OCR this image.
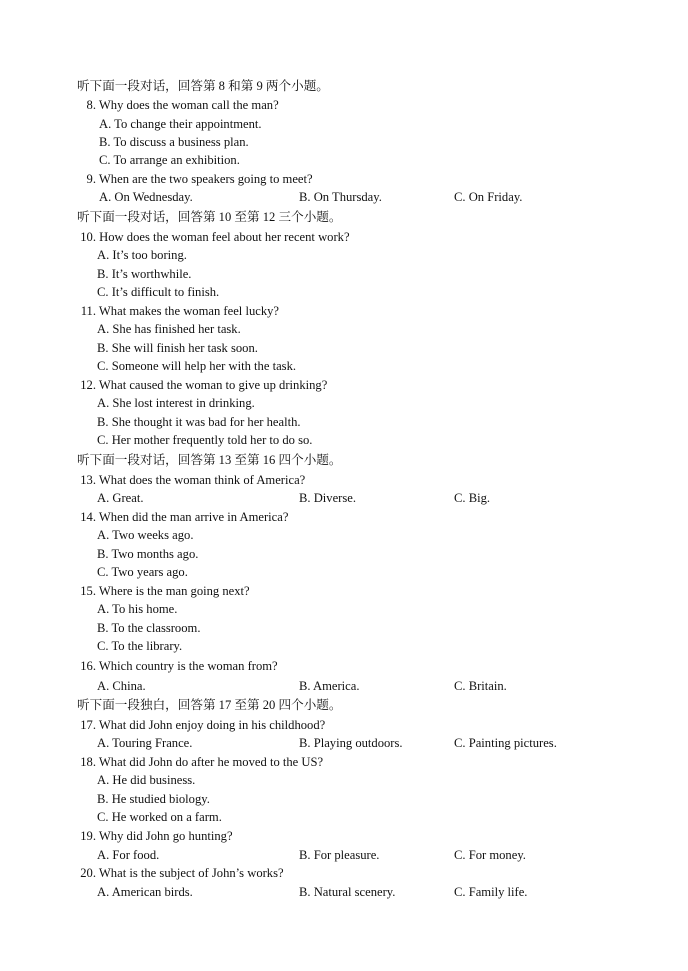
听下面一段对话，回答第 8 和第 9 两个小题。
8. Why does the woman call the man?
A. To change their appointment.
B. To discuss a business plan.
C. To arrange an exhibition.
9. When are the two speakers going to meet?
A. On Wednesday.	B. On Thursday.	C. On Friday.
听下面一段对话，回答第 10 至第 12 三个小题。
10. How does the woman feel about her recent work?
A. It’s too boring.
B. It’s worthwhile.
C. It’s difficult to finish.
11. What makes the woman feel lucky?
A. She has finished her task.
B. She will finish her task soon.
C. Someone will help her with the task.
12. What caused the woman to give up drinking?
A. She lost interest in drinking.
B. She thought it was bad for her health.
C. Her mother frequently told her to do so.
听下面一段对话，回答第 13 至第 16 四个小题。
13. What does the woman think of America?
A. Great.	B. Diverse.	C. Big.
14. When did the man arrive in America?
A. Two weeks ago.
B. Two months ago.
C. Two years ago.
15. Where is the man going next?
A. To his home.
B. To the classroom.
C. To the library.
16. Which country is the woman from?
A. China.	B. America.	C. Britain.
听下面一段独白，回答第 17 至第 20 四个小题。
17. What did John enjoy doing in his childhood?
A. Touring France.	B. Playing outdoors.	C. Painting pictures.
18. What did John do after he moved to the US?
A. He did business.
B. He studied biology.
C. He worked on a farm.
19. Why did John go hunting?
A. For food.	B. For pleasure.	C. For money.
20. What is the subject of John’s works?
A. American birds.	B. Natural scenery.	C. Family life.
